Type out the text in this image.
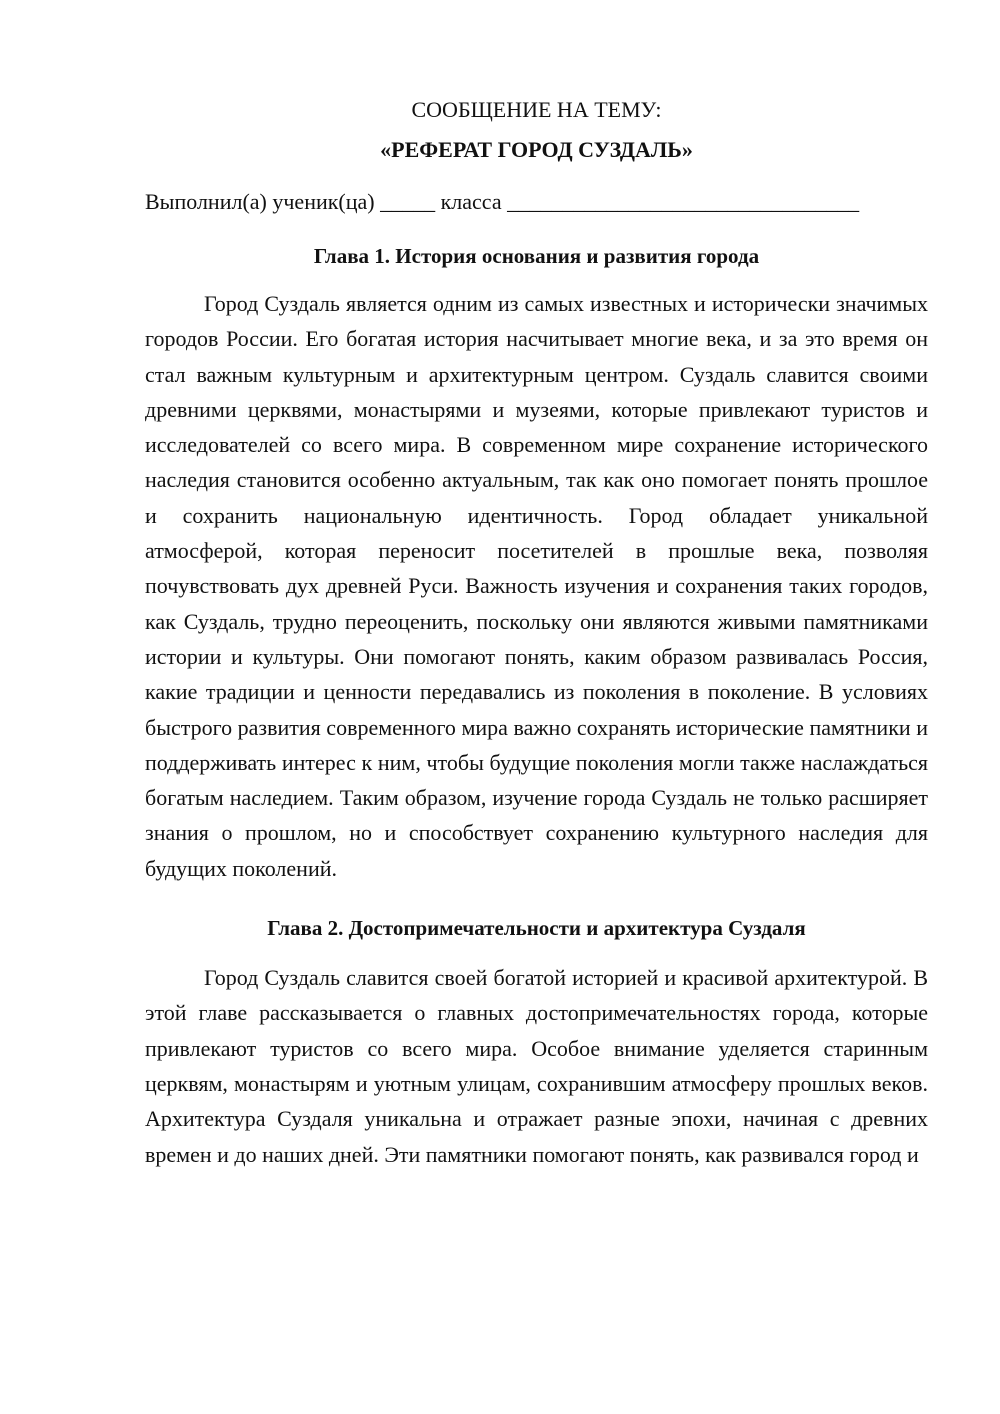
СООБЩЕНИЕ НА ТЕМУ:

«РЕФЕРАТ ГОРОД СУЗДАЛЬ»

Выполнил(а) ученик(ца) _____ класса ________________________________

Глава 1. История основания и развития города

Город Суздаль является одним из самых известных и исторически значимых городов России. Его богатая история насчитывает многие века, и за это время он стал важным культурным и архитектурным центром. Суздаль славится своими древними церквями, монастырями и музеями, которые привлекают туристов и исследователей со всего мира. В современном мире сохранение исторического наследия становится особенно актуальным, так как оно помогает понять прошлое и сохранить национальную идентичность. Город обладает уникальной атмосферой, которая переносит посетителей в прошлые века, позволяя почувствовать дух древней Руси. Важность изучения и сохранения таких городов, как Суздаль, трудно переоценить, поскольку они являются живыми памятниками истории и культуры. Они помогают понять, каким образом развивалась Россия, какие традиции и ценности передавались из поколения в поколение. В условиях быстрого развития современного мира важно сохранять исторические памятники и поддерживать интерес к ним, чтобы будущие поколения могли также наслаждаться богатым наследием. Таким образом, изучение города Суздаль не только расширяет знания о прошлом, но и способствует сохранению культурного наследия для будущих поколений.

Глава 2. Достопримечательности и архитектура Суздаля

Город Суздаль славится своей богатой историей и красивой архитектурой. В этой главе рассказывается о главных достопримечательностях города, которые привлекают туристов со всего мира. Особое внимание уделяется старинным церквям, монастырям и уютным улицам, сохранившим атмосферу прошлых веков. Архитектура Суздаля уникальна и отражает разные эпохи, начиная с древних времен и до наших дней. Эти памятники помогают понять, как развивался город и
